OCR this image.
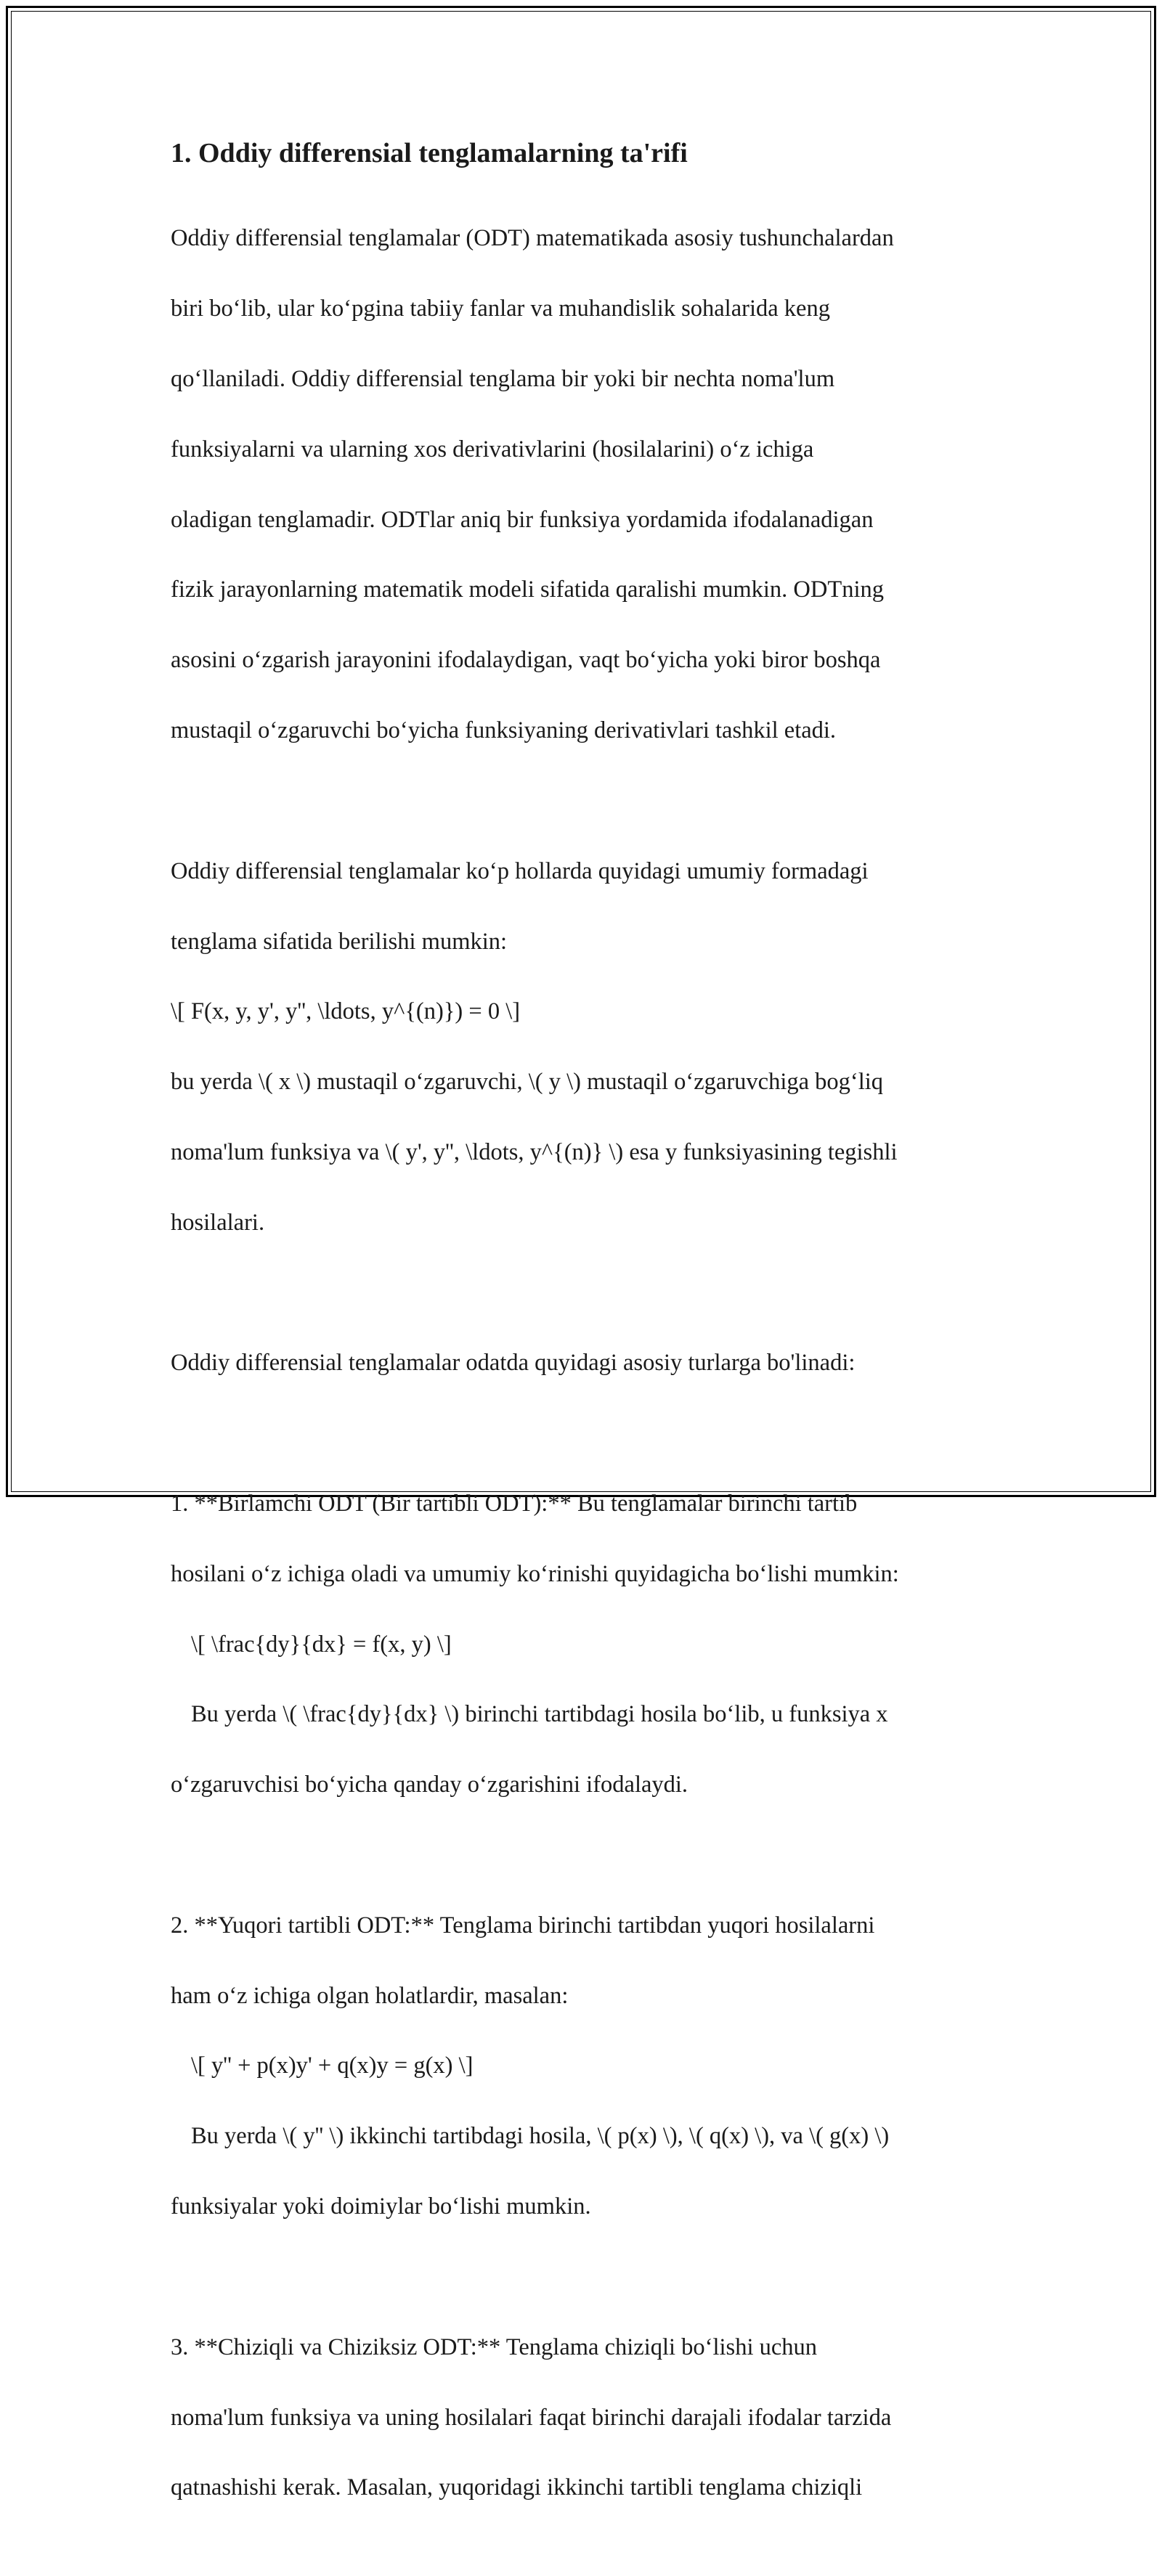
1. Oddiy differensial tenglamalarning ta'rifi

Oddiy differensial tenglamalar (ODT) matematikada asosiy tushunchalardan

biri bo‘lib, ular ko‘pgina tabiiy fanlar va muhandislik sohalarida keng

qo‘llaniladi. Oddiy differensial tenglama bir yoki bir nechta noma'lum

funksiyalarni va ularning xos derivativlarini (hosilalarini) o‘z ichiga

oladigan tenglamadir. ODTlar aniq bir funksiya yordamida ifodalanadigan

fizik jarayonlarning matematik modeli sifatida qaralishi mumkin. ODTning

asosini o‘zgarish jarayonini ifodalaydigan, vaqt bo‘yicha yoki biror boshqa

mustaqil o‘zgaruvchi bo‘yicha funksiyaning derivativlari tashkil etadi.

Oddiy differensial tenglamalar ko‘p hollarda quyidagi umumiy formadagi

tenglama sifatida berilishi mumkin:

\[ F(x, y, y', y'', \ldots, y^{(n)}) = 0 \]

bu yerda \( x \) mustaqil o‘zgaruvchi, \( y \) mustaqil o‘zgaruvchiga bog‘liq

noma'lum funksiya va \( y', y'', \ldots, y^{(n)} \) esa y funksiyasining tegishli

hosilalari.

Oddiy differensial tenglamalar odatda quyidagi asosiy turlarga bo'linadi:

1. **Birlamchi ODT (Bir tartibli ODT):** Bu tenglamalar birinchi tartib

hosilani o‘z ichiga oladi va umumiy ko‘rinishi quyidagicha bo‘lishi mumkin:

\[ \frac{dy}{dx} = f(x, y) \]

Bu yerda \( \frac{dy}{dx} \) birinchi tartibdagi hosila bo‘lib, u funksiya x

o‘zgaruvchisi bo‘yicha qanday o‘zgarishini ifodalaydi.

2. **Yuqori tartibli ODT:** Tenglama birinchi tartibdan yuqori hosilalarni

ham o‘z ichiga olgan holatlardir, masalan:

\[ y'' + p(x)y' + q(x)y = g(x) \]

Bu yerda \( y'' \) ikkinchi tartibdagi hosila, \( p(x) \), \( q(x) \), va \( g(x) \)

funksiyalar yoki doimiylar bo‘lishi mumkin.

3. **Chiziqli va Chiziksiz ODT:** Tenglama chiziqli bo‘lishi uchun

noma'lum funksiya va uning hosilalari faqat birinchi darajali ifodalar tarzida

qatnashishi kerak. Masalan, yuqoridagi ikkinchi tartibli tenglama chiziqli
